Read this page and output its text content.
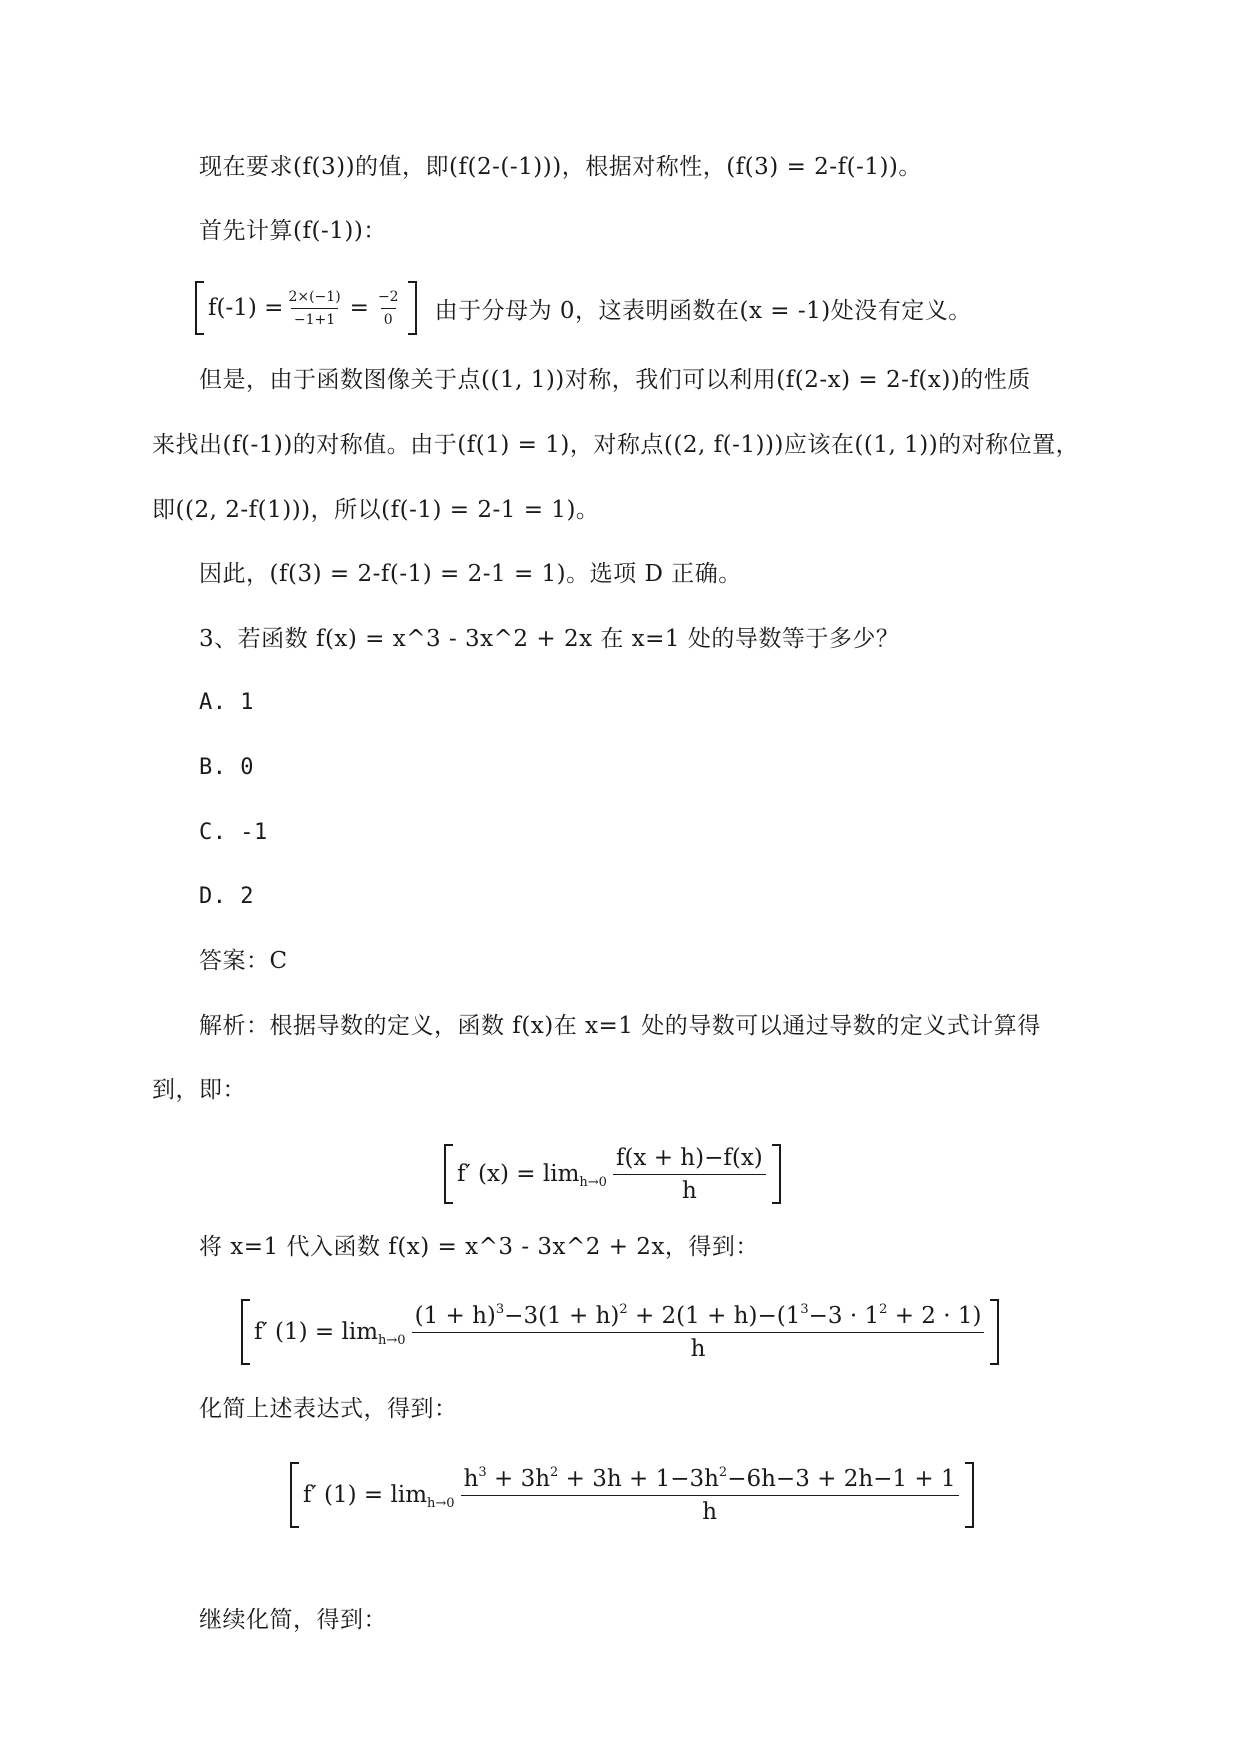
现在要求(f(3))的值，即(f(2-(-1)))，根据对称性，(f(3) = 2-f(-1))。
首先计算(f(-1))：
$f(-1) = \frac{2\times(-1)}{-1+1} = \frac{-2}{0}$ 由于分母为 0，这表明函数在(x = -1)处没有定义。
但是，由于函数图像关于点((1, 1))对称，我们可以利用(f(2-x) = 2-f(x))的性质
来找出(f(-1))的对称值。由于(f(1) = 1)，对称点((2, f(-1)))应该在((1, 1))的对称位置，
即((2, 2-f(1)))，所以(f(-1) = 2-1 = 1)。
因此，(f(3) = 2-f(-1) = 2-1 = 1)。选项 D 正确。
3、若函数 f(x) = x^3 - 3x^2 + 2x 在 x=1 处的导数等于多少？
A. 1
B. 0
C. -1
D. 2
答案：C
解析：根据导数的定义，函数 f(x)在 x=1 处的导数可以通过导数的定义式计算得
到，即：
f′ $(x) = \lim h\to 0 \frac{f(x + h)-f(x)}{h}$
将 x=1 代入函数 f(x) = x^3 - 3x^2 + 2x，得到：
f′ $(1) = \lim h\to 0 \frac{(1 + h)^3-3(1 + h)^2 + 2(1 + h)-(1^3-3 \cdot 1^2 + 2 \cdot 1)}{h}$
化简上述表达式，得到：
f′ $(1) = \lim h\to 0 \frac{h^3 + 3h^2 + 3h + 1-3h^2-6h-3 + 2h-1 + 1}{h}$
继续化简，得到：
